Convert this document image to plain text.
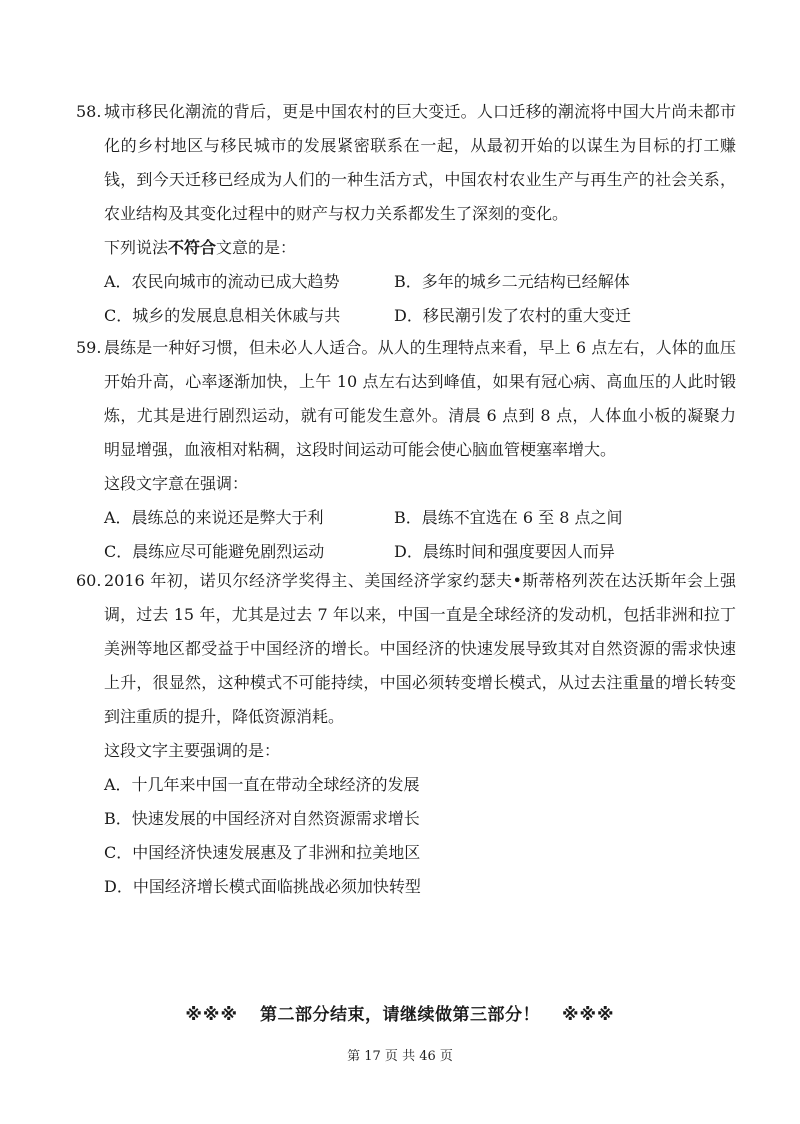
58. 城市移民化潮流的背后，更是中国农村的巨大变迁。人口迁移的潮流将中国大片尚未都市化的乡村地区与移民城市的发展紧密联系在一起，从最初开始的以谋生为目标的打工赚钱，到今天迁移已经成为人们的一种生活方式，中国农村农业生产与再生产的社会关系，农业结构及其变化过程中的财产与权力关系都发生了深刻的变化。
下列说法不符合文意的是：
A．农民向城市的流动已成大趋势	B．多年的城乡二元结构已经解体
C．城乡的发展息息相关休戚与共	D．移民潮引发了农村的重大变迁
59. 晨练是一种好习惯，但未必人人适合。从人的生理特点来看，早上 6 点左右，人体的血压开始升高，心率逐渐加快，上午 10 点左右达到峰值，如果有冠心病、高血压的人此时锻炼，尤其是进行剧烈运动，就有可能发生意外。清晨 6 点到 8 点，人体血小板的凝聚力明显增强，血液相对粘稠，这段时间运动可能会使心脑血管梗塞率增大。
这段文字意在强调：
A．晨练总的来说还是弊大于利	B．晨练不宜选在 6 至 8 点之间
C．晨练应尽可能避免剧烈运动	D．晨练时间和强度要因人而异
60. 2016 年初，诺贝尔经济学奖得主、美国经济学家约瑟夫•斯蒂格列茨在达沃斯年会上强调，过去 15 年，尤其是过去 7 年以来，中国一直是全球经济的发动机，包括非洲和拉丁美洲等地区都受益于中国经济的增长。中国经济的快速发展导致其对自然资源的需求快速上升，很显然，这种模式不可能持续，中国必须转变增长模式，从过去注重量的增长转变到注重质的提升，降低资源消耗。
这段文字主要强调的是：
A．十几年来中国一直在带动全球经济的发展
B．快速发展的中国经济对自然资源需求增长
C．中国经济快速发展惠及了非洲和拉美地区
D．中国经济增长模式面临挑战必须加快转型
※※※ 第二部分结束，请继续做第三部分！ ※※※
第 17 页 共 46 页
